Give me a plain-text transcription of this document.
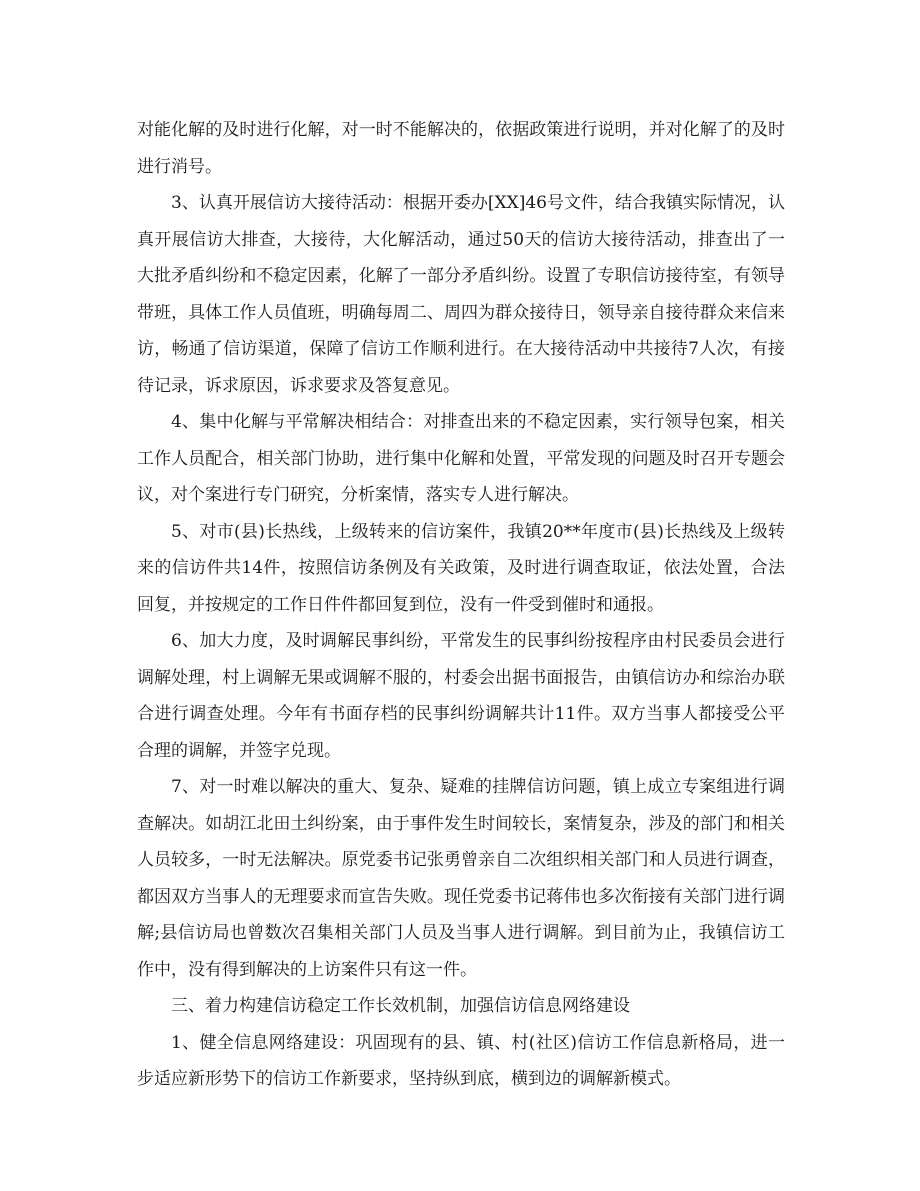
对能化解的及时进行化解，对一时不能解决的，依据政策进行说明，并对化解了的及时进行消号。

3、认真开展信访大接待活动：根据开委办[XX]46号文件，结合我镇实际情况，认真开展信访大排查，大接待，大化解活动，通过50天的信访大接待活动，排查出了一大批矛盾纠纷和不稳定因素，化解了一部分矛盾纠纷。设置了专职信访接待室，有领导带班，具体工作人员值班，明确每周二、周四为群众接待日，领导亲自接待群众来信来访，畅通了信访渠道，保障了信访工作顺利进行。在大接待活动中共接待7人次，有接待记录，诉求原因，诉求要求及答复意见。

4、集中化解与平常解决相结合：对排查出来的不稳定因素，实行领导包案，相关工作人员配合，相关部门协助，进行集中化解和处置，平常发现的问题及时召开专题会议，对个案进行专门研究，分析案情，落实专人进行解决。

5、对市(县)长热线，上级转来的信访案件，我镇20**年度市(县)长热线及上级转来的信访件共14件，按照信访条例及有关政策，及时进行调查取证，依法处置，合法回复，并按规定的工作日件件都回复到位，没有一件受到催时和通报。

6、加大力度，及时调解民事纠纷，平常发生的民事纠纷按程序由村民委员会进行调解处理，村上调解无果或调解不服的，村委会出据书面报告，由镇信访办和综治办联合进行调查处理。今年有书面存档的民事纠纷调解共计11件。双方当事人都接受公平合理的调解，并签字兑现。

7、对一时难以解决的重大、复杂、疑难的挂牌信访问题，镇上成立专案组进行调查解决。如胡江北田土纠纷案，由于事件发生时间较长，案情复杂，涉及的部门和相关人员较多，一时无法解决。原党委书记张勇曾亲自二次组织相关部门和人员进行调查，都因双方当事人的无理要求而宣告失败。现任党委书记蒋伟也多次衔接有关部门进行调解;县信访局也曾数次召集相关部门人员及当事人进行调解。到目前为止，我镇信访工作中，没有得到解决的上访案件只有这一件。

三、着力构建信访稳定工作长效机制，加强信访信息网络建设

1、健全信息网络建设：巩固现有的县、镇、村(社区)信访工作信息新格局，进一步适应新形势下的信访工作新要求，坚持纵到底，横到边的调解新模式。
